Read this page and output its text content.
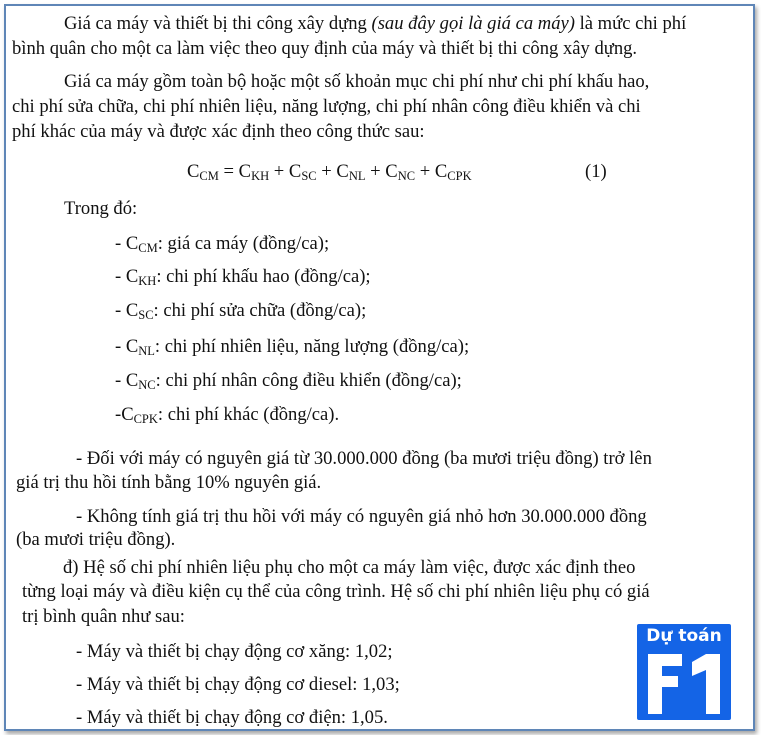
Giá ca máy và thiết bị thi công xây dựng (sau đây gọi là giá ca máy) là mức chi phí
bình quân cho một ca làm việc theo quy định của máy và thiết bị thi công xây dựng.
Giá ca máy gồm toàn bộ hoặc một số khoản mục chi phí như chi phí khấu hao,
chi phí sửa chữa, chi phí nhiên liệu, năng lượng, chi phí nhân công điều khiển và chi
phí khác của máy và được xác định theo công thức sau:
$C_{CM} = C_{KH} + C_{SC} + C_{NL} + C_{NC} + C_{CPK}$	(1)
Trong đó:
- $C_{CM}$: giá ca máy (đồng/ca);
- $C_{KH}$: chi phí khấu hao (đồng/ca);
- $C_{SC}$: chi phí sửa chữa (đồng/ca);
- $C_{NL}$: chi phí nhiên liệu, năng lượng (đồng/ca);
- $C_{NC}$: chi phí nhân công điều khiển (đồng/ca);
$-C_{CPK}$: chi phí khác (đồng/ca).
- Đối với máy có nguyên giá từ 30.000.000 đồng (ba mươi triệu đồng) trở lên
giá trị thu hồi tính bằng 10% nguyên giá.
- Không tính giá trị thu hồi với máy có nguyên giá nhỏ hơn 30.000.000 đồng
(ba mươi triệu đồng).
đ) Hệ số chi phí nhiên liệu phụ cho một ca máy làm việc, được xác định theo
từng loại máy và điều kiện cụ thể của công trình. Hệ số chi phí nhiên liệu phụ có giá
trị bình quân như sau:
- Máy và thiết bị chạy động cơ xăng: 1,02;
- Máy và thiết bị chạy động cơ diesel: 1,03;
- Máy và thiết bị chạy động cơ điện: 1,05.
Dự toán
